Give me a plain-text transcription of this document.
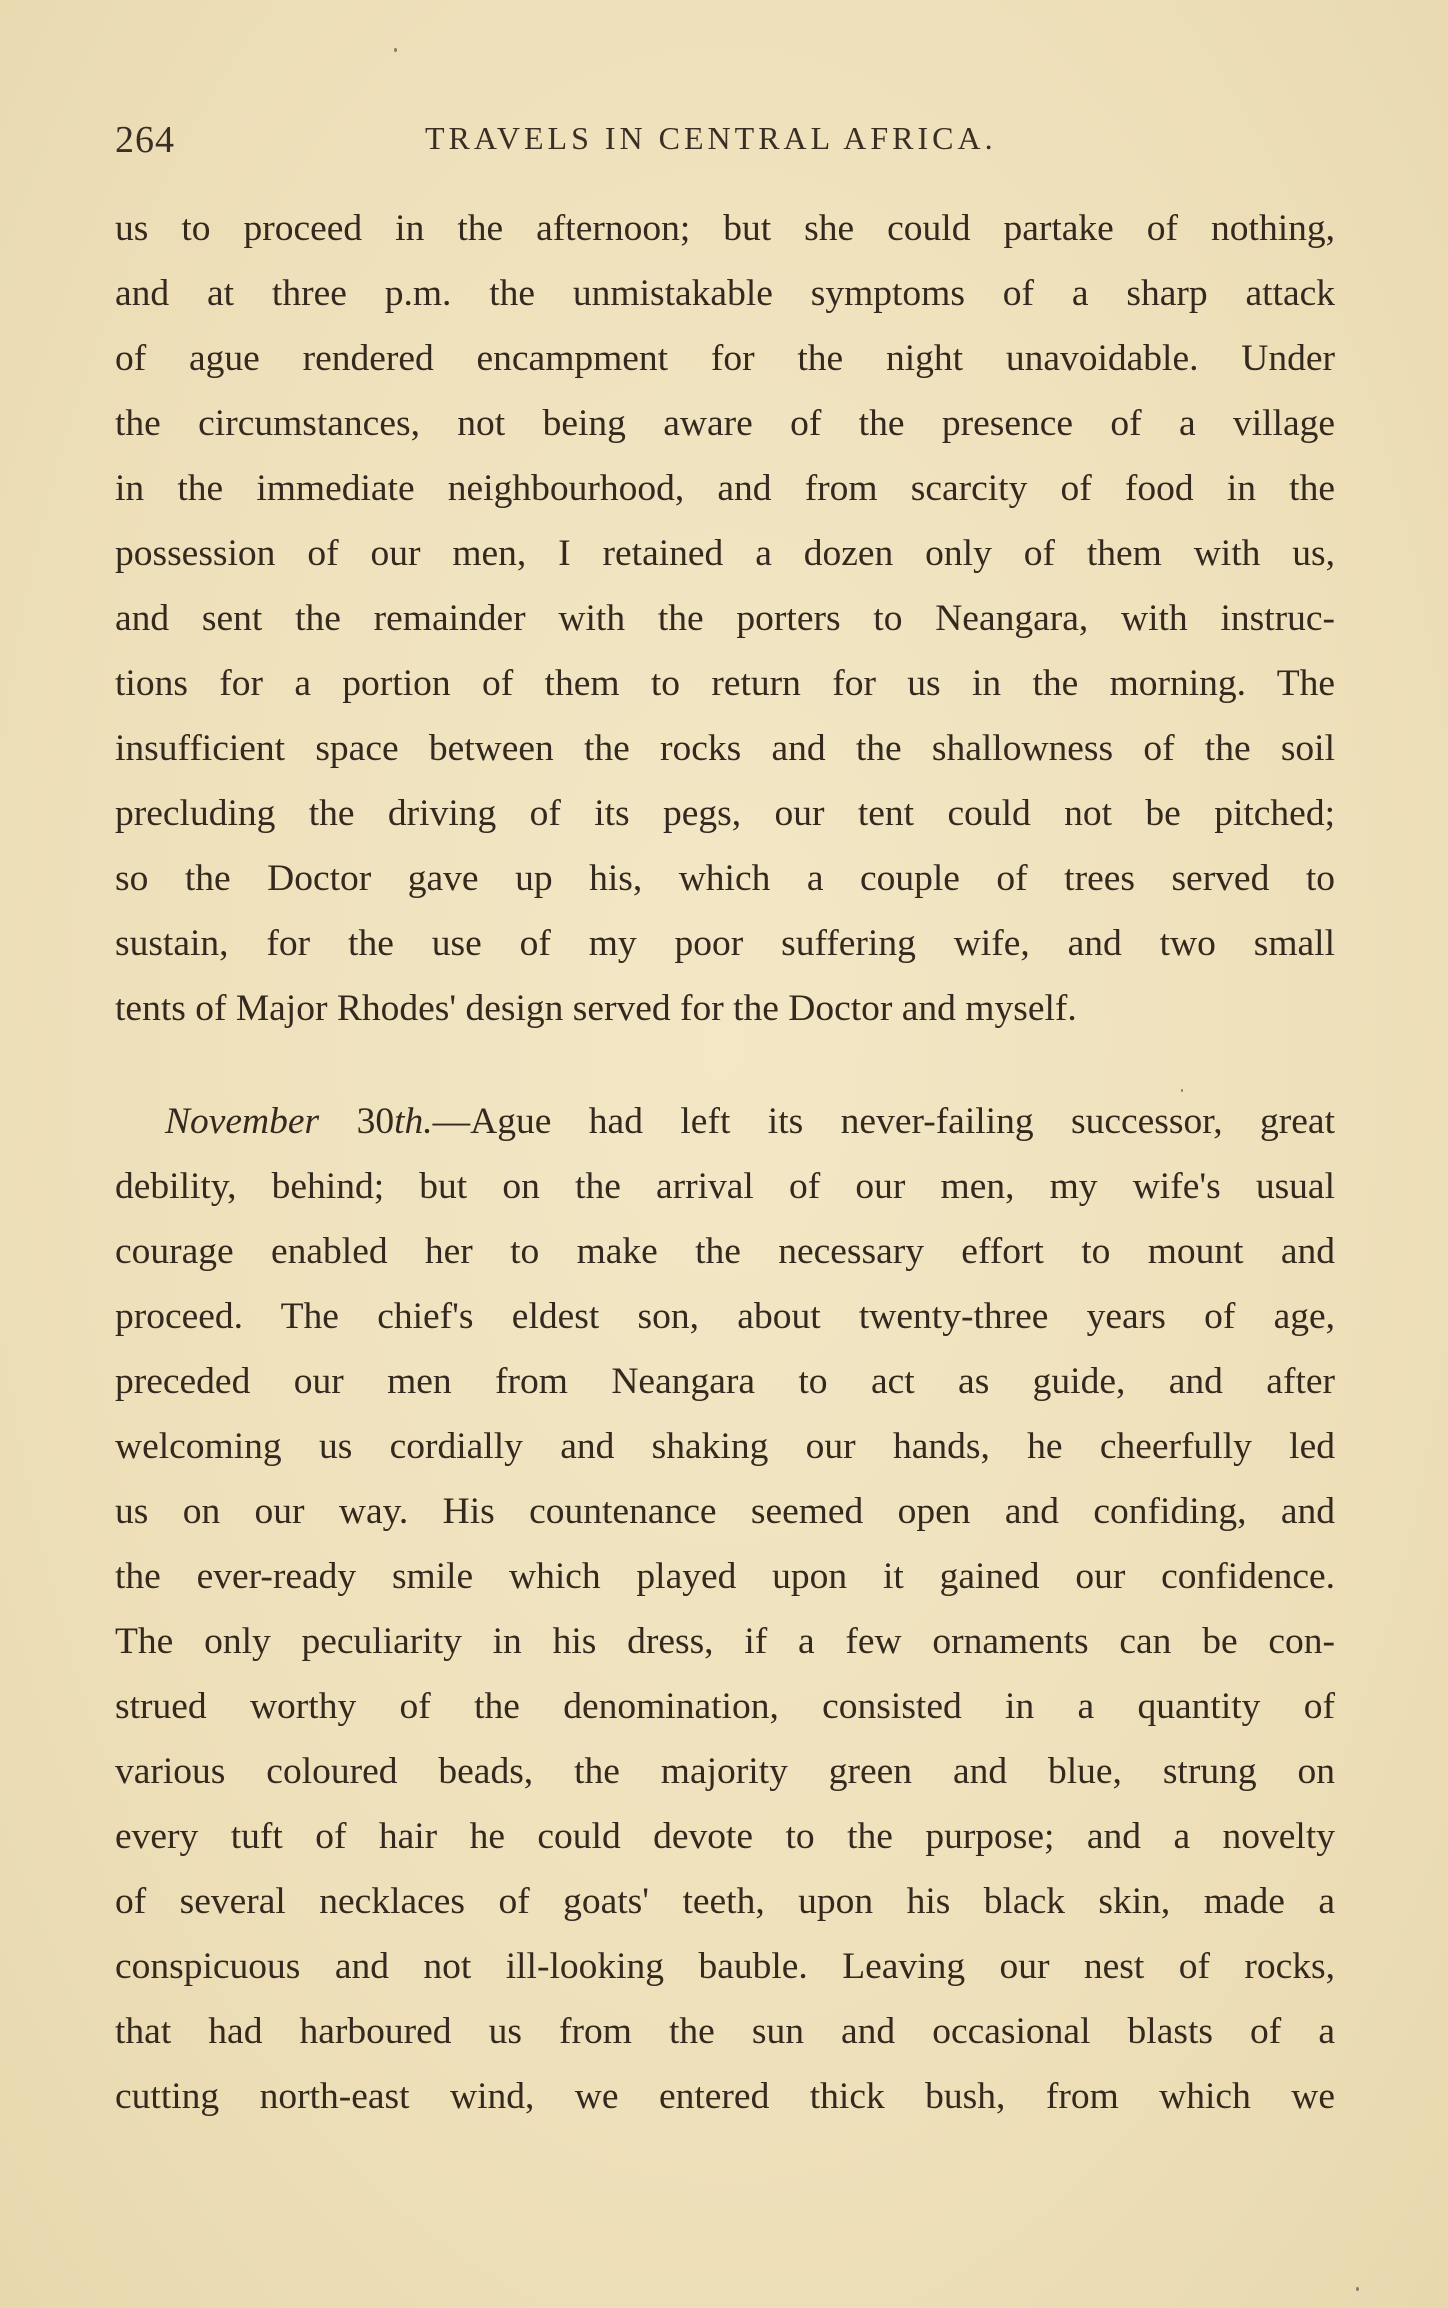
264	TRAVELS IN CENTRAL AFRICA.
us to proceed in the afternoon; but she could partake of nothing,
and at three p.m. the unmistakable symptoms of a sharp attack
of ague rendered encampment for the night unavoidable. Under
the circumstances, not being aware of the presence of a village
in the immediate neighbourhood, and from scarcity of food in the
possession of our men, I retained a dozen only of them with us,
and sent the remainder with the porters to Neangara, with instruc-
tions for a portion of them to return for us in the morning. The
insufficient space between the rocks and the shallowness of the soil
precluding the driving of its pegs, our tent could not be pitched;
so the Doctor gave up his, which a couple of trees served to
sustain, for the use of my poor suffering wife, and two small
tents of Major Rhodes' design served for the Doctor and myself.
November 30th.—Ague had left its never-failing successor, great
debility, behind; but on the arrival of our men, my wife's usual
courage enabled her to make the necessary effort to mount and
proceed. The chief's eldest son, about twenty-three years of age,
preceded our men from Neangara to act as guide, and after
welcoming us cordially and shaking our hands, he cheerfully led
us on our way. His countenance seemed open and confiding, and
the ever-ready smile which played upon it gained our confidence.
The only peculiarity in his dress, if a few ornaments can be con-
strued worthy of the denomination, consisted in a quantity of
various coloured beads, the majority green and blue, strung on
every tuft of hair he could devote to the purpose; and a novelty
of several necklaces of goats' teeth, upon his black skin, made a
conspicuous and not ill-looking bauble. Leaving our nest of rocks,
that had harboured us from the sun and occasional blasts of a
cutting north-east wind, we entered thick bush, from which we
